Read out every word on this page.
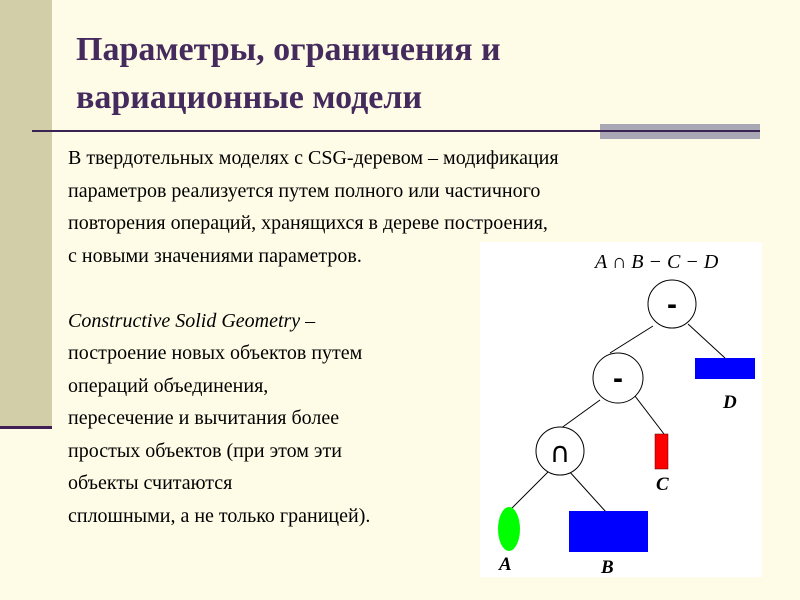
Параметры, ограничения и
вариационные модели
В твердотельных моделях с CSG-деревом – модификация
параметров реализуется путем полного или частичного
повторения операций, хранящихся в дереве построения,
с новыми значениями параметров.
Constructive Solid Geometry –
построение новых объектов путем
операций объединения,
пересечение и вычитания более
простых объектов (при этом эти
объекты считаются
сплошными, а не только границей).
A ∩ B − C − D
-
-
∩
D
C
A	B
